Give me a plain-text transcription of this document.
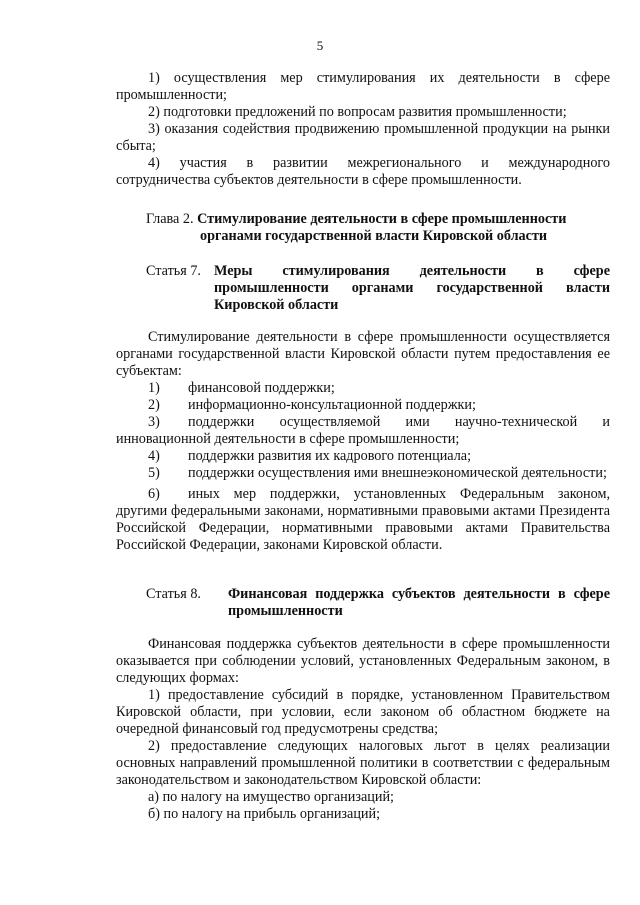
5

1) осуществления мер стимулирования их деятельности в сфере промышленности;

2) подготовки предложений по вопросам развития промышленности;

3) оказания содействия продвижению промышленной продукции на рынки сбыта;

4) участия в развитии межрегионального и международного сотрудничества субъектов деятельности в сфере промышленности.

Глава 2. Стимулирование деятельности в сфере промышленности
органами государственной власти Кировской области
Статья 7. Меры стимулирования деятельности в сфере промышленности органами государственной власти Кировской области

Стимулирование деятельности в сфере промышленности осуществляется органами государственной власти Кировской области путем предоставления ее субъектам:

1)	финансовой поддержки;
2)	информационно-консультационной поддержки;

3) поддержки осуществляемой ими научно-технической и инновационной деятельности в сфере промышленности;

4)	поддержки развития их кадрового потенциала;

5) поддержки осуществления ими внешнеэкономической деятельности;

6) иных мер поддержки, установленных Федеральным законом, другими федеральными законами, нормативными правовыми актами Президента Российской Федерации, нормативными правовыми актами Правительства Российской Федерации, законами Кировской области.

Статья 8.	Финансовая поддержка субъектов деятельности в сфере промышленности

Финансовая поддержка субъектов деятельности в сфере промышленности оказывается при соблюдении условий, установленных Федеральным законом, в следующих формах:

1) предоставление субсидий в порядке, установленном Правительством Кировской области, при условии, если законом об областном бюджете на очередной финансовый год предусмотрены средства;

2) предоставление следующих налоговых льгот в целях реализации основных направлений промышленной политики в соответствии с федеральным законодательством и законодательством Кировской области:

а) по налогу на имущество организаций;

б) по налогу на прибыль организаций;
